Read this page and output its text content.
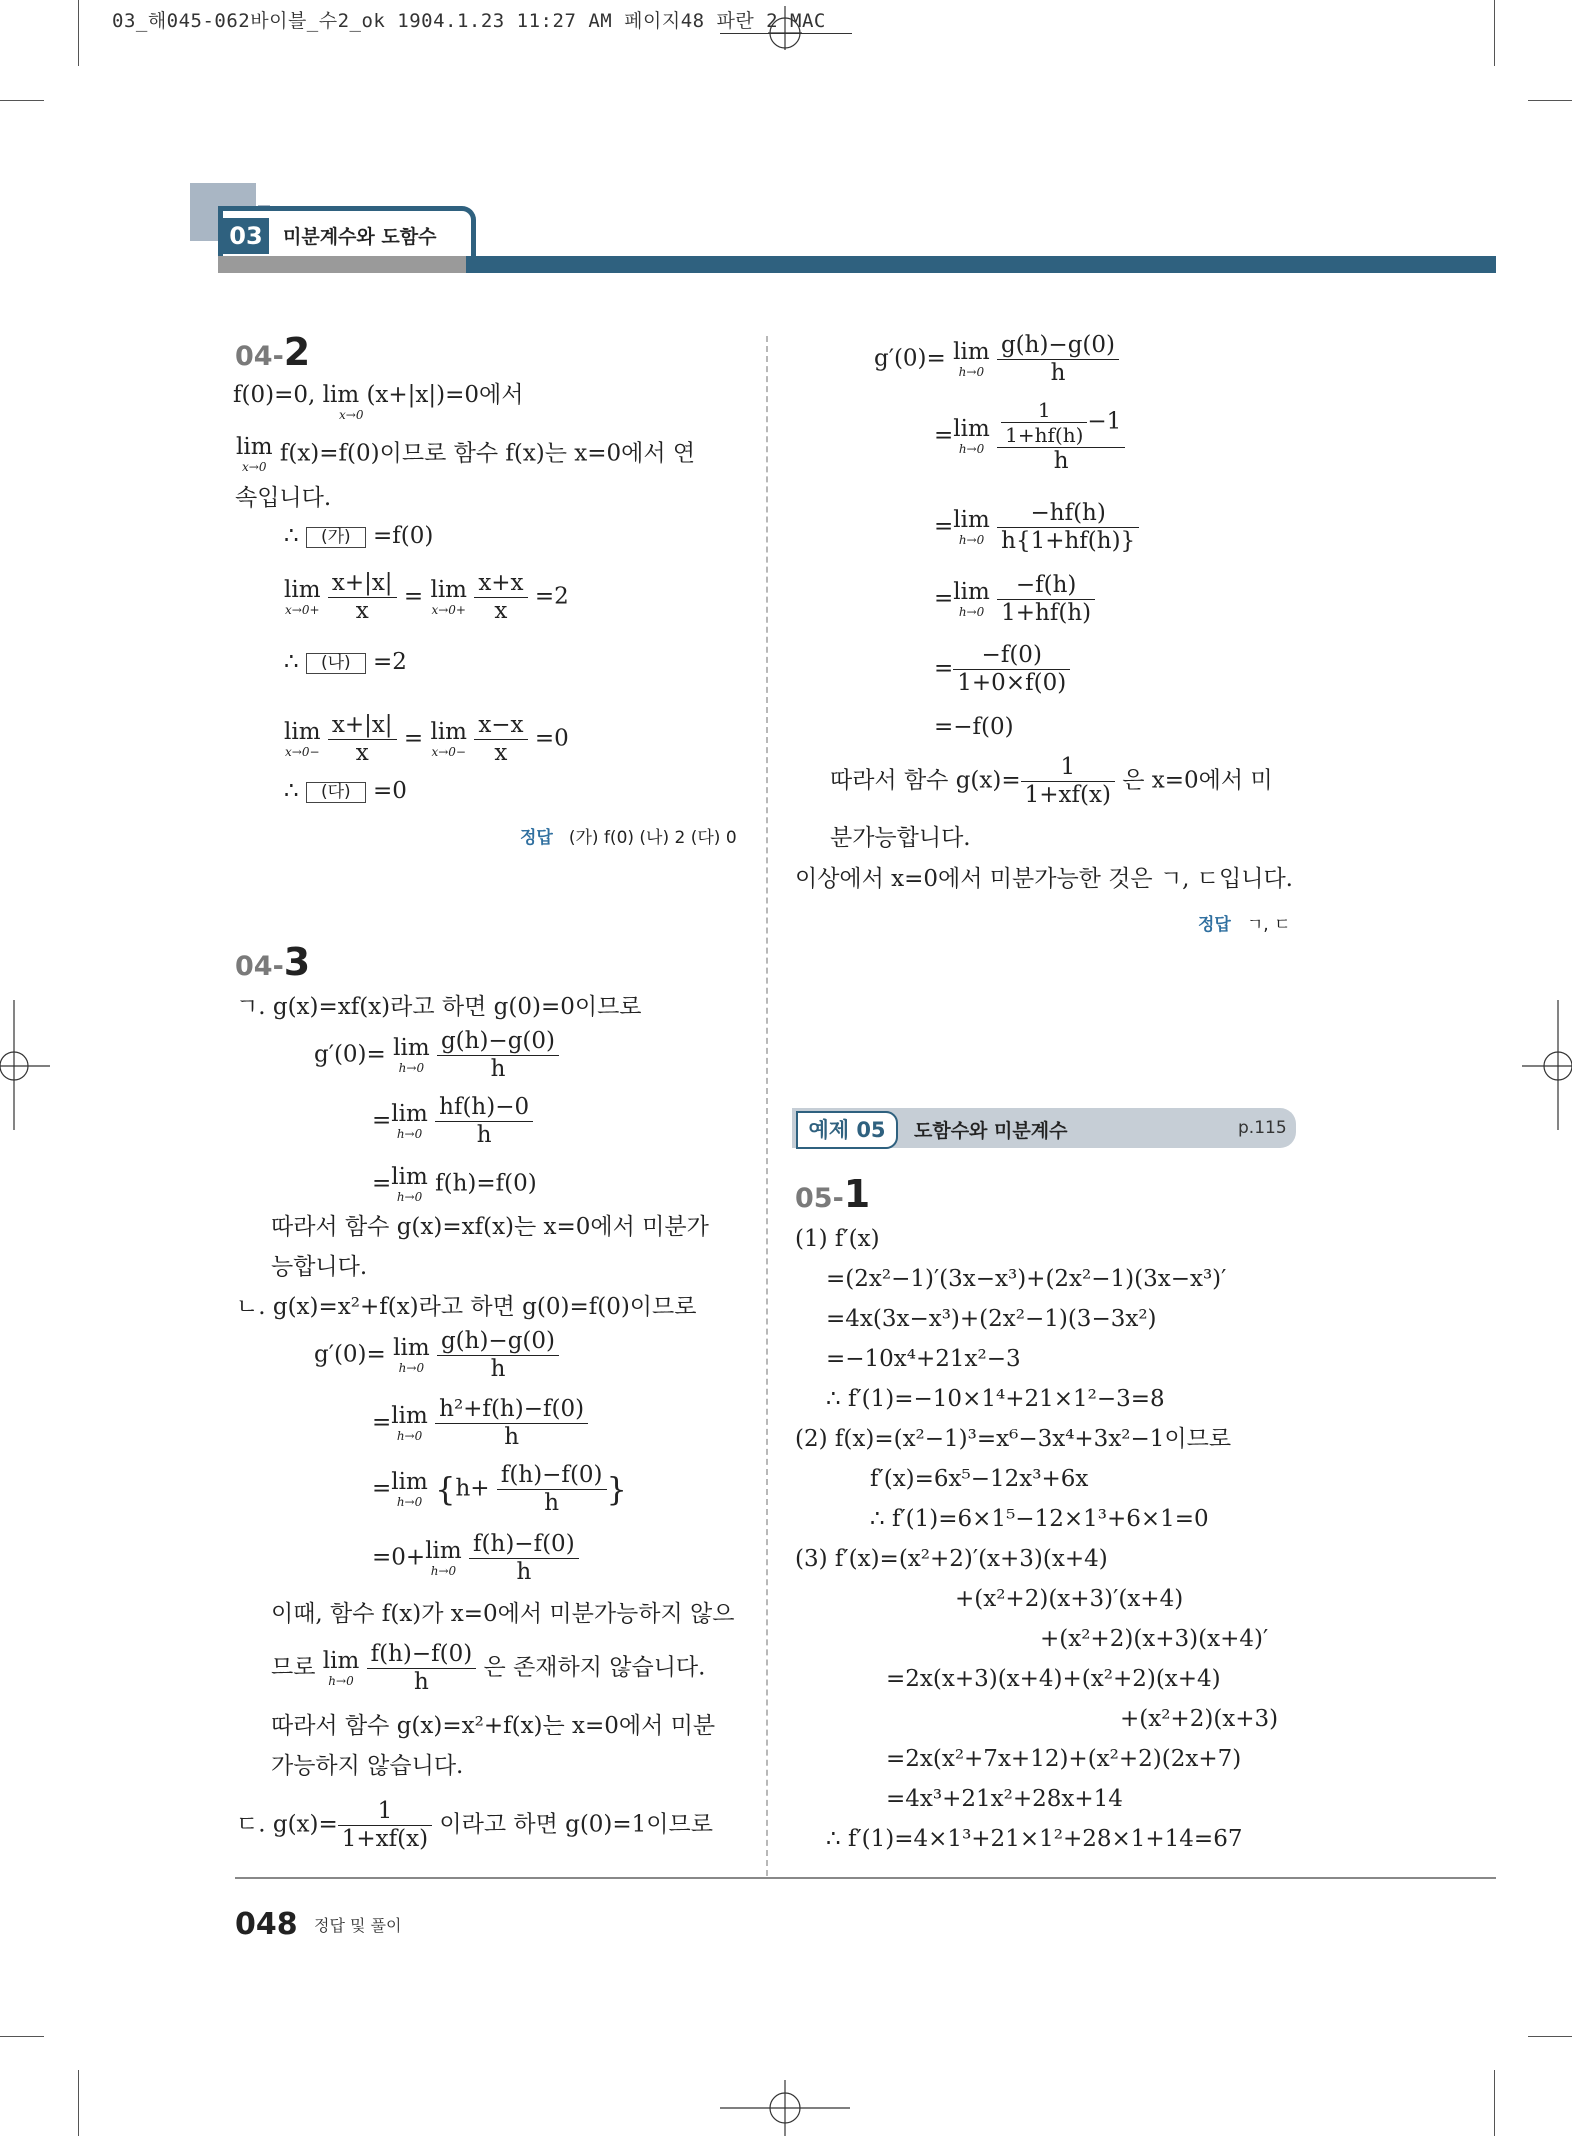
03_해045-062바이블_수2_ok 1904.1.23 11:27 AM 페이지48 파란 2 MAC
03	미분계수와 도함수
04-2
f(0)=0, lim (x+|x|)=0에서
x→0
lim
x→0
f(x)=f(0)이므로 함수 f(x)는 x=0에서 연
속입니다.
∴ (가) =f(0)
lim
x→0+
$\frac{x+|x|}{x} = \lim$
x→0+
$\frac{x+x}{x} =2$
∴ (나) =2
lim
x→0−
$\frac{x+|x|}{x} = \lim$
x→0−
$\frac{x-x}{x} =0$
∴ (다) =0
정답 (가) f(0) (나) 2 (다) 0
04-3
ㄱ. g(x)=xf(x)라고 하면 g(0)=0이므로
g′(0)= lim
h→0
$\frac{g(h)-g(0)}{h}$
= lim
h→0
$\frac{hf(h)-0}{h}$
= lim
h→0
f(h)=f(0)
따라서 함수 g(x)=xf(x)는 x=0에서 미분가
능합니다.
ㄴ. g(x)=x²+f(x)라고 하면 g(0)=f(0)이므로
g′(0)= lim
h→0
$\frac{g(h)-g(0)}{h}$
= lim
h→0
$\frac{\text{h²+f(h)−f(0)}}{h}$
= lim
h→0 {$h+ \frac{f(h)-f(0)}{h}$ }
=0+ lim
h→0
$\frac{f(h)-f(0)}{h}$
이때, 함수 f(x)가 x=0에서 미분가능하지 않으
므로 lim
h→0
$\frac{f(h)-f(0)}{h}$ 은 존재하지 않습니다.
따라서 함수 g(x)=x²+f(x)는 x=0에서 미분
가능하지 않습니다.
ㄷ. $g(x)= \frac{1}{1+xf(x)}$ 이라고 하면 g(0)=1이므로
g′(0)= lim
h→0
$\frac{g(h)-g(0)}{h}$
= lim
h→0
$\frac{\frac{1}{1+hf(h)} -1}{h}$
= lim
h→0
$\frac{-hf(h)}{h\{1+hf(h)\}}$
= lim
h→0
$\frac{-f(h)}{1+hf(h)}$
= $\frac{-f(0)}{1+0\times f(0)}$
=−f(0)
따라서 함수 $g(x)= \frac{1}{1+xf(x)}$ 은 x=0에서 미
분가능합니다.
이상에서 x=0에서 미분가능한 것은 ㄱ, ㄷ입니다.
정답 ㄱ, ㄷ
예제 05	도함수와 미분계수	p.115
05-1
(1) f′(x)
=(2x²−1)′(3x−x³)+(2x²−1)(3x−x³)′
=4x(3x−x³)+(2x²−1)(3−3x²)
=−10x⁴+21x²−3
∴ f′(1)=−10×1⁴+21×1²−3=8
(2) f(x)=(x²−1)³=x⁶−3x⁴+3x²−1이므로
f′(x)=6x⁵−12x³+6x
∴ f′(1)=6×1⁵−12×1³+6×1=0
(3) f′(x)=(x²+2)′(x+3)(x+4)
+(x²+2)(x+3)′(x+4)
+(x²+2)(x+3)(x+4)′
=2x(x+3)(x+4)+(x²+2)(x+4)
+(x²+2)(x+3)
=2x(x²+7x+12)+(x²+2)(2x+7)
=4x³+21x²+28x+14
∴ f′(1)=4×1³+21×1²+28×1+14=67
048 정답 및 풀이
